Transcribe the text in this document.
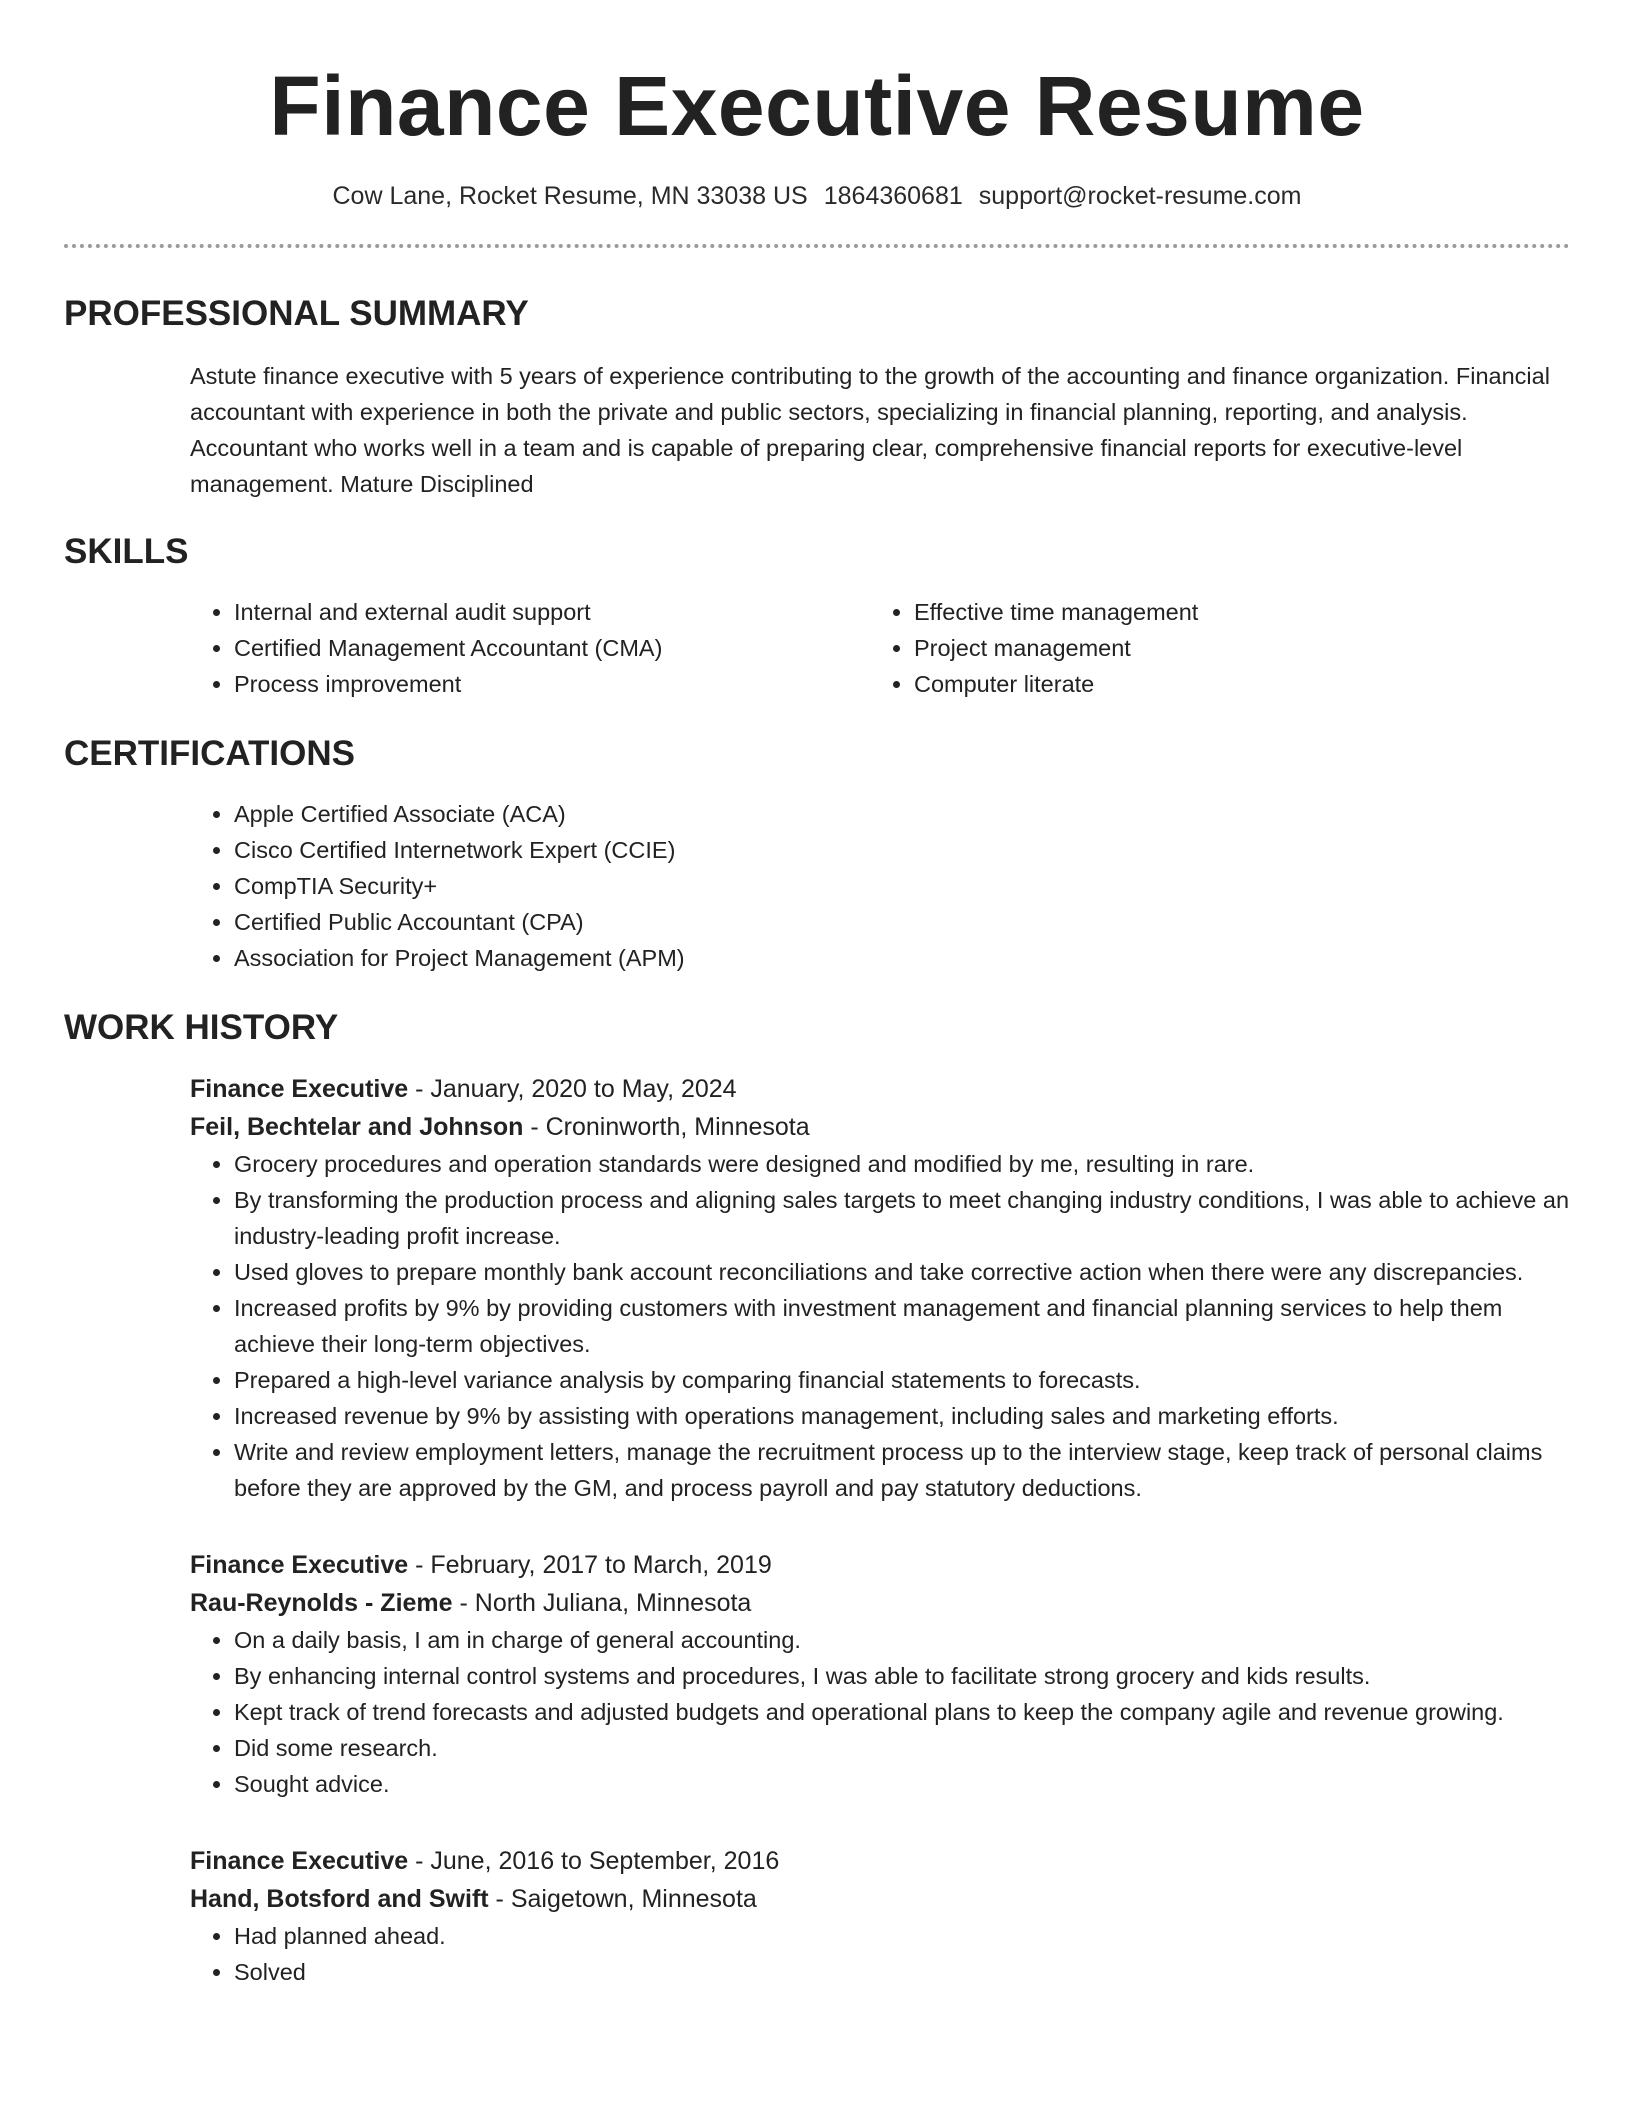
Finance Executive Resume
Cow Lane, Rocket Resume, MN 33038 US 1864360681 support@rocket-resume.com
PROFESSIONAL SUMMARY
Astute finance executive with 5 years of experience contributing to the growth of the accounting and finance organization. Financial accountant with experience in both the private and public sectors, specializing in financial planning, reporting, and analysis. Accountant who works well in a team and is capable of preparing clear, comprehensive financial reports for executive-level management. Mature Disciplined
SKILLS
• Internal and external audit support
• Certified Management Accountant (CMA)
• Process improvement
• Effective time management
• Project management
• Computer literate
CERTIFICATIONS
• Apple Certified Associate (ACA)
• Cisco Certified Internetwork Expert (CCIE)
• CompTIA Security+
• Certified Public Accountant (CPA)
• Association for Project Management (APM)
WORK HISTORY
Finance Executive - January, 2020 to May, 2024
Feil, Bechtelar and Johnson - Croninworth, Minnesota
• Grocery procedures and operation standards were designed and modified by me, resulting in rare.
• By transforming the production process and aligning sales targets to meet changing industry conditions, I was able to achieve an industry-leading profit increase.
• Used gloves to prepare monthly bank account reconciliations and take corrective action when there were any discrepancies.
• Increased profits by 9% by providing customers with investment management and financial planning services to help them achieve their long-term objectives.
• Prepared a high-level variance analysis by comparing financial statements to forecasts.
• Increased revenue by 9% by assisting with operations management, including sales and marketing efforts.
• Write and review employment letters, manage the recruitment process up to the interview stage, keep track of personal claims before they are approved by the GM, and process payroll and pay statutory deductions.
Finance Executive - February, 2017 to March, 2019
Rau-Reynolds - Zieme - North Juliana, Minnesota
• On a daily basis, I am in charge of general accounting.
• By enhancing internal control systems and procedures, I was able to facilitate strong grocery and kids results.
• Kept track of trend forecasts and adjusted budgets and operational plans to keep the company agile and revenue growing.
• Did some research.
• Sought advice.
Finance Executive - June, 2016 to September, 2016
Hand, Botsford and Swift - Saigetown, Minnesota
• Had planned ahead.
• Solved
